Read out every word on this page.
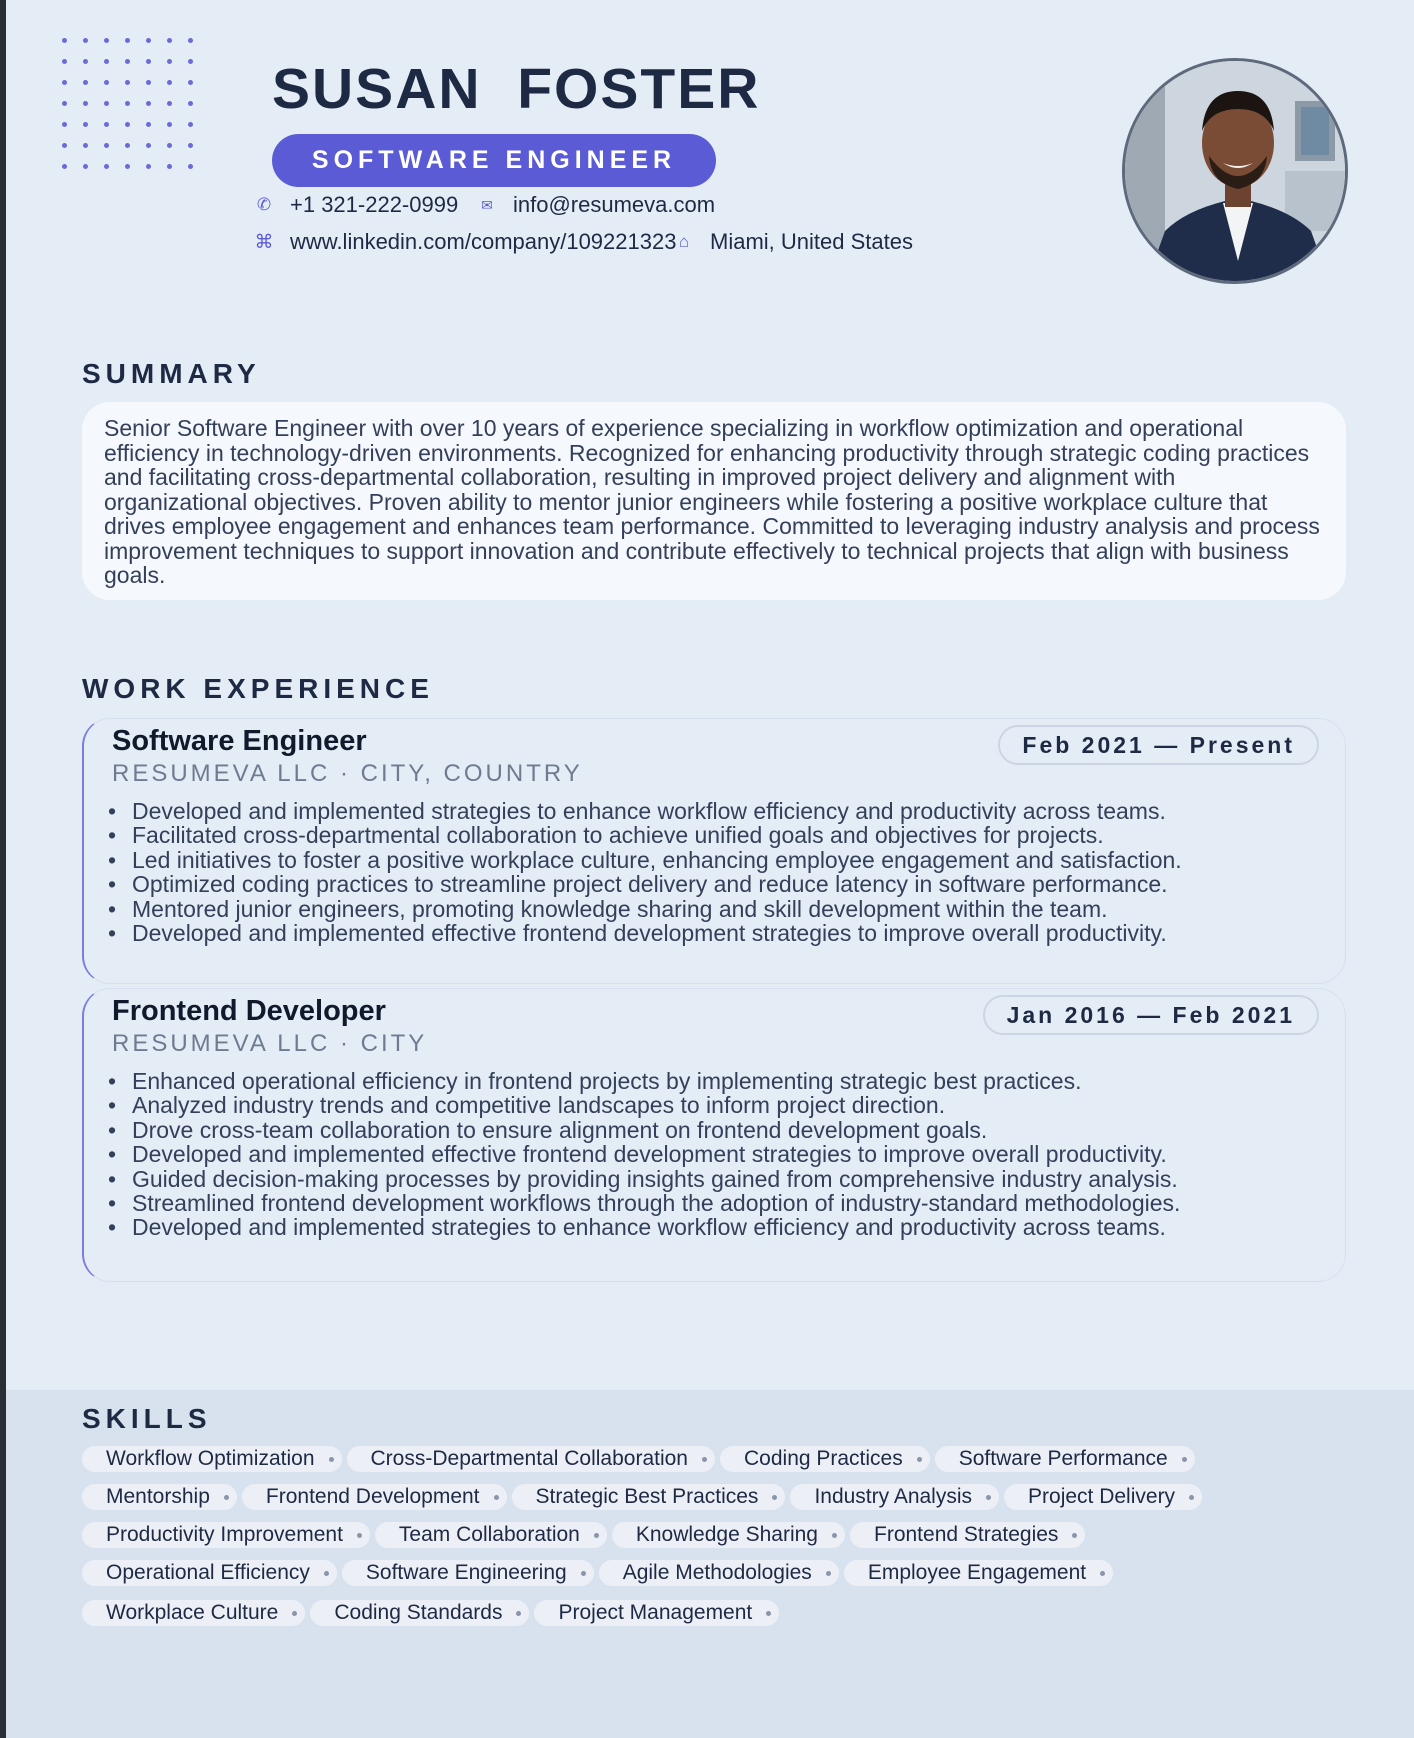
SUSAN  FOSTER
SOFTWARE ENGINEER
✆ +1 321-222-0999	✉ info@resumeva.com
⌘ www.linkedin.com/company/109221323 ⌂ Miami, United States
SUMMARY

Senior Software Engineer with over 10 years of experience specializing in workflow optimization and operational efficiency in technology-driven environments. Recognized for enhancing productivity through strategic coding practices and facilitating cross-departmental collaboration, resulting in improved project delivery and alignment with organizational objectives. Proven ability to mentor junior engineers while fostering a positive workplace culture that drives employee engagement and enhances team performance. Committed to leveraging industry analysis and process improvement techniques to support innovation and contribute effectively to technical projects that align with business goals.

WORK EXPERIENCE
Software Engineer
RESUMEVA LLC · CITY, COUNTRY
Feb 2021 — Present
• Developed and implemented strategies to enhance workflow efficiency and productivity across teams.
• Facilitated cross-departmental collaboration to achieve unified goals and objectives for projects.
• Led initiatives to foster a positive workplace culture, enhancing employee engagement and satisfaction.
• Optimized coding practices to streamline project delivery and reduce latency in software performance.
• Mentored junior engineers, promoting knowledge sharing and skill development within the team.
• Developed and implemented effective frontend development strategies to improve overall productivity.
Frontend Developer
RESUMEVA LLC · CITY
Jan 2016 — Feb 2021
• Enhanced operational efficiency in frontend projects by implementing strategic best practices.
• Analyzed industry trends and competitive landscapes to inform project direction.
• Drove cross-team collaboration to ensure alignment on frontend development goals.
• Developed and implemented effective frontend development strategies to improve overall productivity.
• Guided decision-making processes by providing insights gained from comprehensive industry analysis.
• Streamlined frontend development workflows through the adoption of industry-standard methodologies.
• Developed and implemented strategies to enhance workflow efficiency and productivity across teams.
SKILLS
Workflow Optimization	Cross-Departmental Collaboration	Coding Practices	Software Performance
Mentorship	Frontend Development	Strategic Best Practices	Industry Analysis	Project Delivery
Productivity Improvement	Team Collaboration	Knowledge Sharing	Frontend Strategies
Operational Efficiency	Software Engineering	Agile Methodologies	Employee Engagement
Workplace Culture	Coding Standards	Project Management
